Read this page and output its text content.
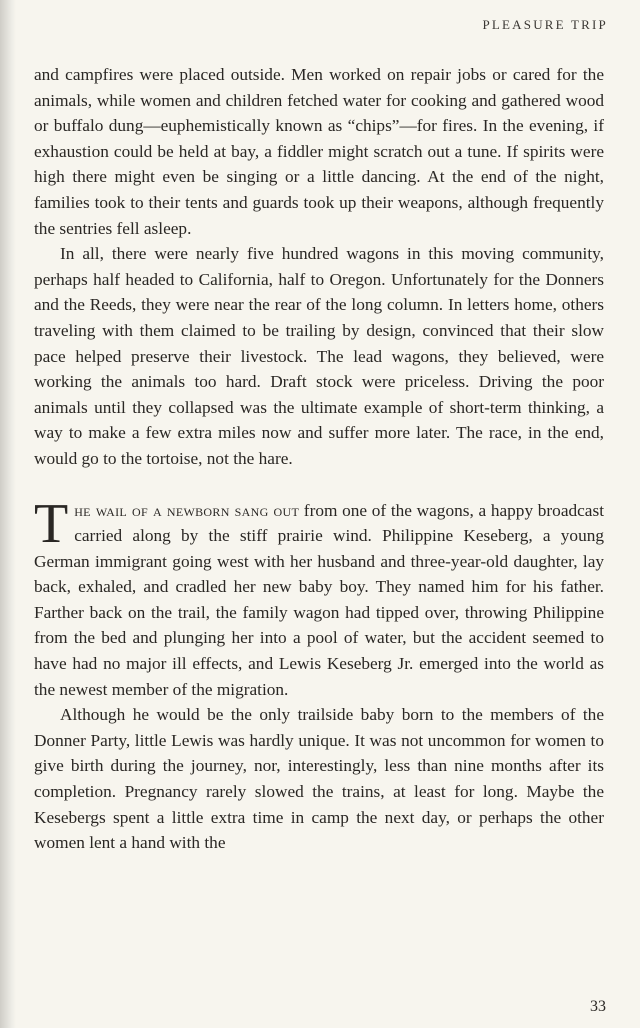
PLEASURE TRIP

and campfires were placed outside. Men worked on repair jobs or cared for the animals, while women and children fetched water for cooking and gathered wood or buffalo dung—euphemistically known as “chips”—for fires. In the evening, if exhaustion could be held at bay, a fiddler might scratch out a tune. If spirits were high there might even be singing or a little dancing. At the end of the night, families took to their tents and guards took up their weapons, although frequently the sentries fell asleep.

In all, there were nearly five hundred wagons in this moving community, perhaps half headed to California, half to Oregon. Unfortunately for the Donners and the Reeds, they were near the rear of the long column. In letters home, others traveling with them claimed to be trailing by design, convinced that their slow pace helped preserve their livestock. The lead wagons, they believed, were working the animals too hard. Draft stock were priceless. Driving the poor animals until they collapsed was the ultimate example of short-term thinking, a way to make a few extra miles now and suffer more later. The race, in the end, would go to the tortoise, not the hare.

The wail of a newborn sang out from one of the wagons, a happy broadcast carried along by the stiff prairie wind. Philippine Keseberg, a young German immigrant going west with her husband and three-year-old daughter, lay back, exhaled, and cradled her new baby boy. They named him for his father. Farther back on the trail, the family wagon had tipped over, throwing Philippine from the bed and plunging her into a pool of water, but the accident seemed to have had no major ill effects, and Lewis Keseberg Jr. emerged into the world as the newest member of the migration.

Although he would be the only trailside baby born to the members of the Donner Party, little Lewis was hardly unique. It was not uncommon for women to give birth during the journey, nor, interestingly, less than nine months after its completion. Pregnancy rarely slowed the trains, at least for long. Maybe the Kesebergs spent a little extra time in camp the next day, or perhaps the other women lent a hand with the

33
